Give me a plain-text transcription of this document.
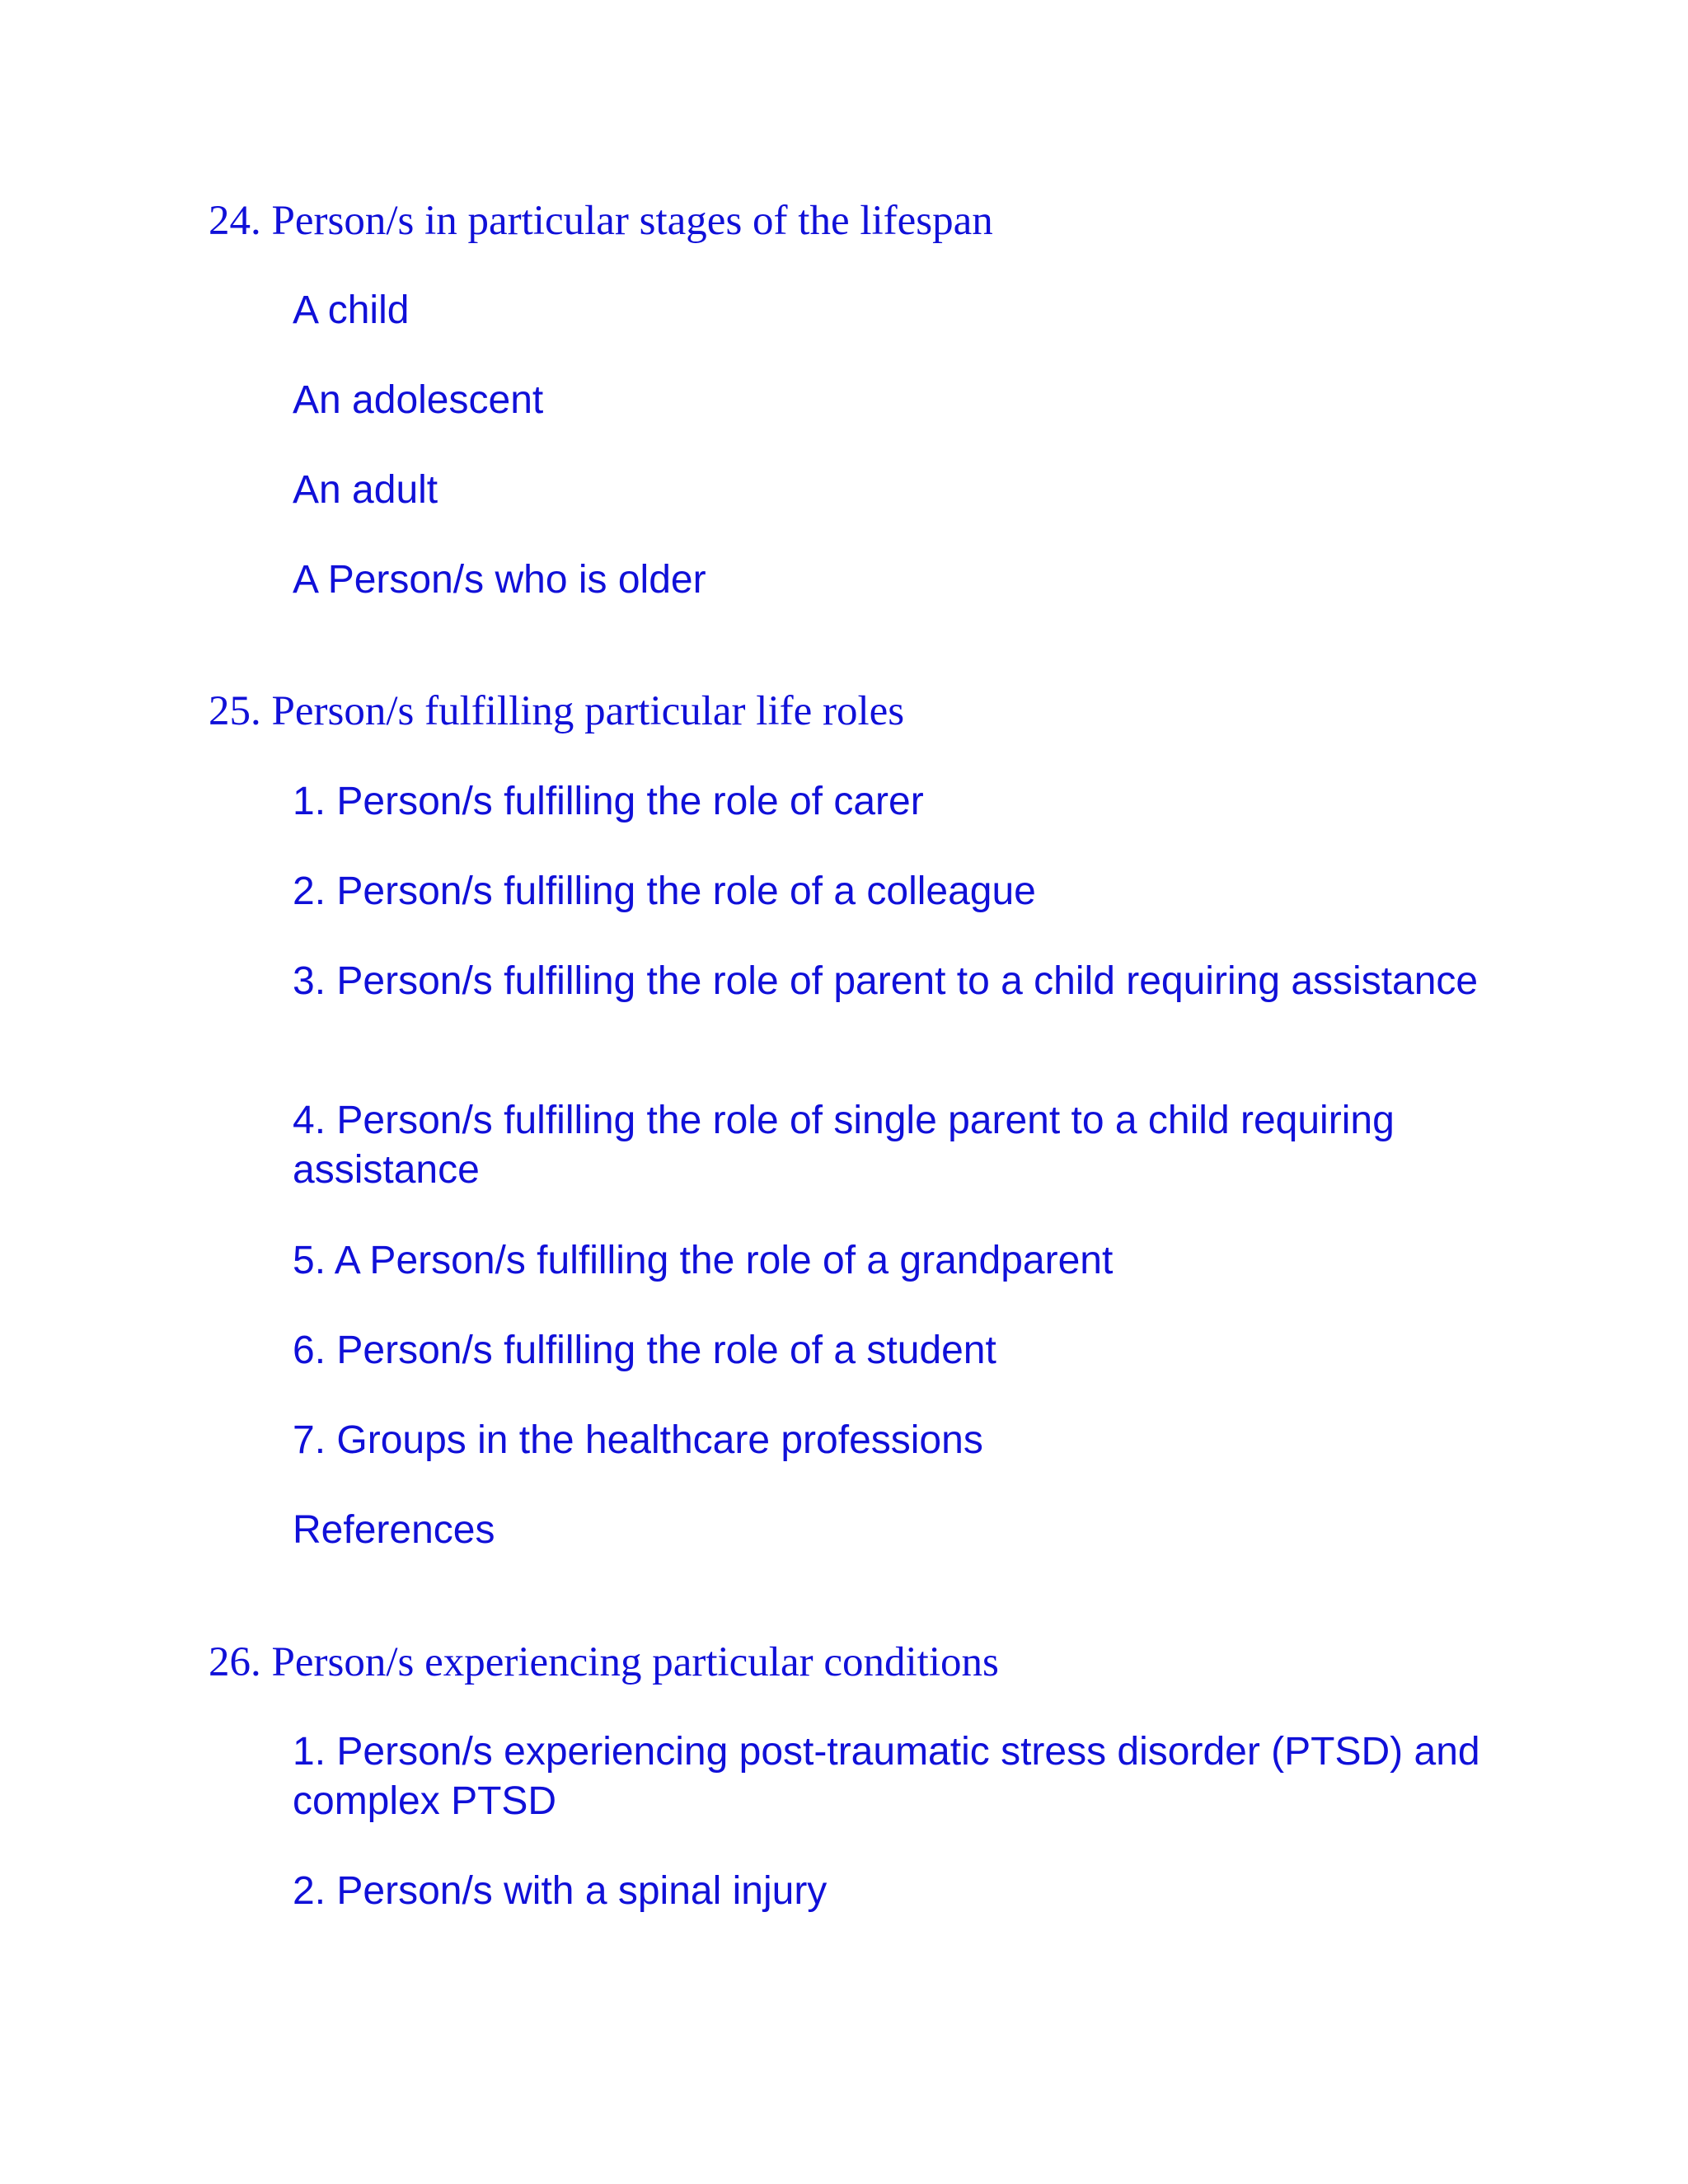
24. Person/s in particular stages of the lifespan

A child

An adolescent

An adult

A Person/s who is older

25. Person/s fulfilling particular life roles

1. Person/s fulfilling the role of carer

2. Person/s fulfilling the role of a colleague

3. Person/s fulfilling the role of parent to a child requiring assistance

4. Person/s fulfilling the role of single parent to a child requiring assistance

5. A Person/s fulfilling the role of a grandparent

6. Person/s fulfilling the role of a student

7. Groups in the healthcare professions

References

26. Person/s experiencing particular conditions

1. Person/s experiencing post-traumatic stress disorder (PTSD) and complex PTSD

2. Person/s with a spinal injury
